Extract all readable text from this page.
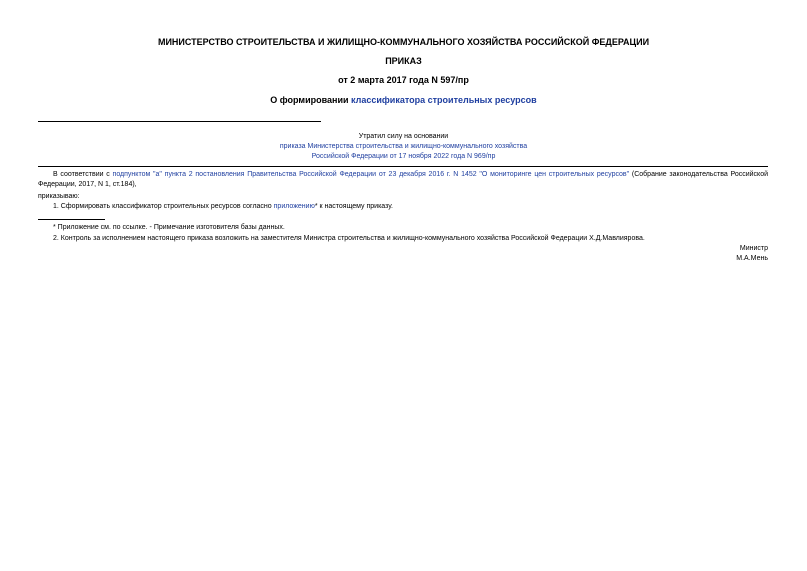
МИНИСТЕРСТВО СТРОИТЕЛЬСТВА И ЖИЛИЩНО-КОММУНАЛЬНОГО ХОЗЯЙСТВА РОССИЙСКОЙ ФЕДЕРАЦИИ
ПРИКАЗ
от 2 марта 2017 года N 597/пр
О формировании классификатора строительных ресурсов
Утратил силу на основании
приказа Министерства строительства и жилищно-коммунального хозяйства
Российской Федерации от 17 ноября 2022 года N 969/пр
В соответствии с подпунктом "а" пункта 2 постановления Правительства Российской Федерации от 23 декабря 2016 г. N 1452 "О мониторинге цен строительных ресурсов" (Собрание законодательства Российской Федерации, 2017, N 1, ст.184),
приказываю:
1. Сформировать классификатор строительных ресурсов согласно приложению* к настоящему приказу.
* Приложение см. по ссылке. - Примечание изготовителя базы данных.
2. Контроль за исполнением настоящего приказа возложить на заместителя Министра строительства и жилищно-коммунального хозяйства Российской Федерации Х.Д.Мавлиярова.
Министр
М.А.Мень
